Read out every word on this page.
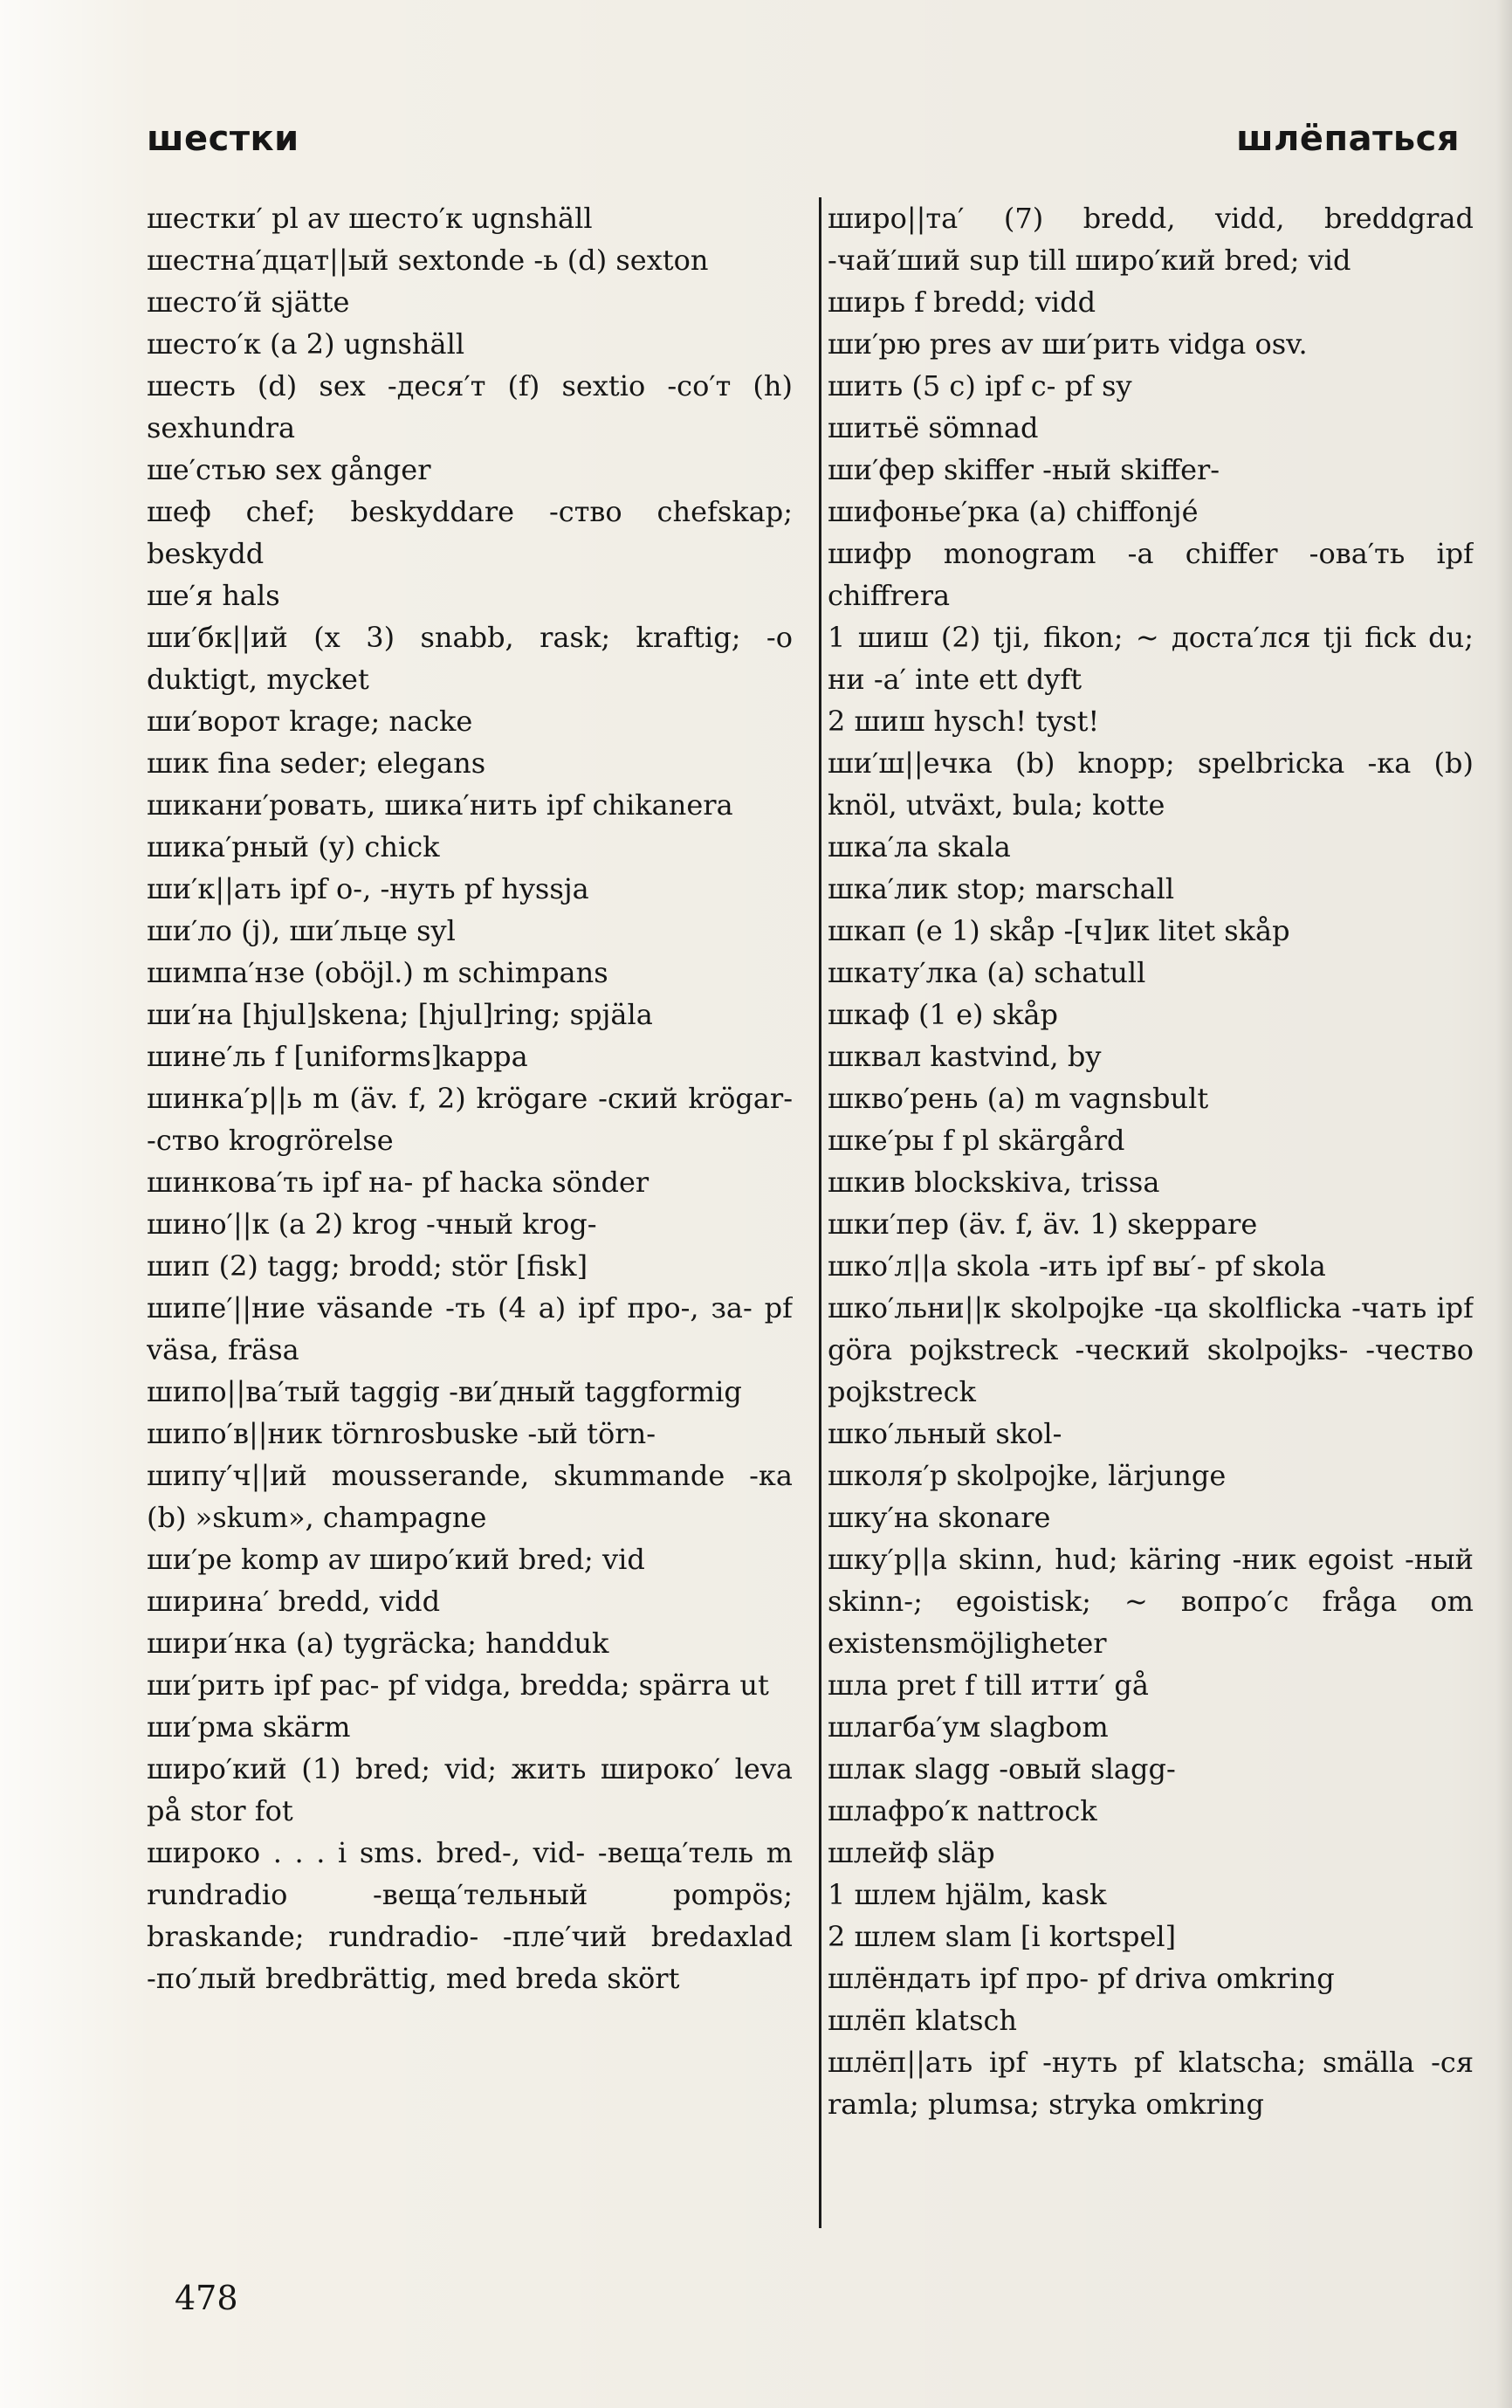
шестки	шлёпаться

шестки′ pl av шесто′к ugnshäll

шестна′дцат||ый sextonde -ь (d) sexton

шесто′й sjätte

шесто′к (a 2) ugnshäll

шесть (d) sex -деся′т (f) sextio -со′т (h) sexhundra

ше′стью sex gånger

шеф chef; beskyddare -ство chefskap; beskydd

ше′я hals

ши′бк||ий (x 3) snabb, rask; kraftig; -o duktigt, mycket

ши′ворот krage; nacke

шик fina seder; elegans

шикани′ровать, шика′нить ipf chikanera

шика′рный (y) chick

ши′к||ать ipf о-, -нуть pf hyssja

ши′ло (j), ши′льце syl

шимпа′нзе (oböjl.) m schimpans

ши′на [hjul]skena; [hjul]ring; spjäla

шине′ль f [uniforms]kappa

шинка′р||ь m (äv. f, 2) krögare -ский krögar- -ство krogrörelse

шинкова′ть ipf на- pf hacka sönder

шино′||к (a 2) krog -чный krog-

шип (2) tagg; brodd; stör [fisk]

шипе′||ние väsande -ть (4 a) ipf про-, за- pf väsa, fräsa

шипо||ва′тый taggig -ви′дный taggformig

шипо′в||ник törnrosbuske -ый törn-

шипу′ч||ий mousserande, skummande -ка (b) »skum», champagne

ши′ре komp av широ′кий bred; vid

ширина′ bredd, vidd

шири′нка (a) tygräcka; handduk

ши′рить ipf рас- pf vidga, bredda; spärra ut

ши′рма skärm

широ′кий (1) bred; vid; жить широко′ leva på stor fot

широко . . . i sms. bred-, vid- -веща′тель m rundradio -веща′тельный pompös; braskande; rundradio- -пле′чий bredaxlad -по′лый bredbrättig, med breda skört

широ||та′ (7) bredd, vidd, breddgrad -чай′ший sup till широ′кий bred; vid

ширь f bredd; vidd

ши′рю pres av ши′рить vidga osv.

шить (5 c) ipf с- pf sy

шитьё sömnad

ши′фер skiffer -ный skiffer-

шифонье′рка (a) chiffonjé

шифр monogram -а chiffer -ова′ть ipf chiffrera

1 шиш (2) tji, fikon; ~ доста′лся tji fick du; ни -а′ inte ett dyft

2 шиш hysch! tyst!

ши′ш||ечка (b) knopp; spelbricka -ка (b) knöl, utväxt, bula; kotte

шка′ла skala

шка′лик stop; marschall

шкап (e 1) skåp -[ч]ик litet skåp

шкату′лка (a) schatull

шкаф (1 e) skåp

шквал kastvind, by

шкво′рень (a) m vagnsbult

шке′ры f pl skärgård

шкив blockskiva, trissa

шки′пер (äv. f, äv. 1) skeppare

шко′л||а skola -ить ipf вы′- pf skola

шко′льни||к skolpojke -ца skolflicka -чать ipf göra pojkstreck -ческий skolpojks- -чество pojkstreck

шко′льный skol-

школя′р skolpojke, lärjunge

шку′на skonare

шку′р||а skinn, hud; käring -ник egoist -ный skinn-; egoistisk; ~ вопро′с fråga om existensmöjligheter

шла pret f till итти′ gå

шлагба′ум slagbom

шлак slagg -овый slagg-

шлафро′к nattrock

шлейф släp

1 шлем hjälm, kask

2 шлем slam [i kortspel]

шлёндать ipf про- pf driva omkring

шлёп klatsch

шлёп||ать ipf -нуть pf klatscha; smälla -ся ramla; plumsa; stryka omkring

478
